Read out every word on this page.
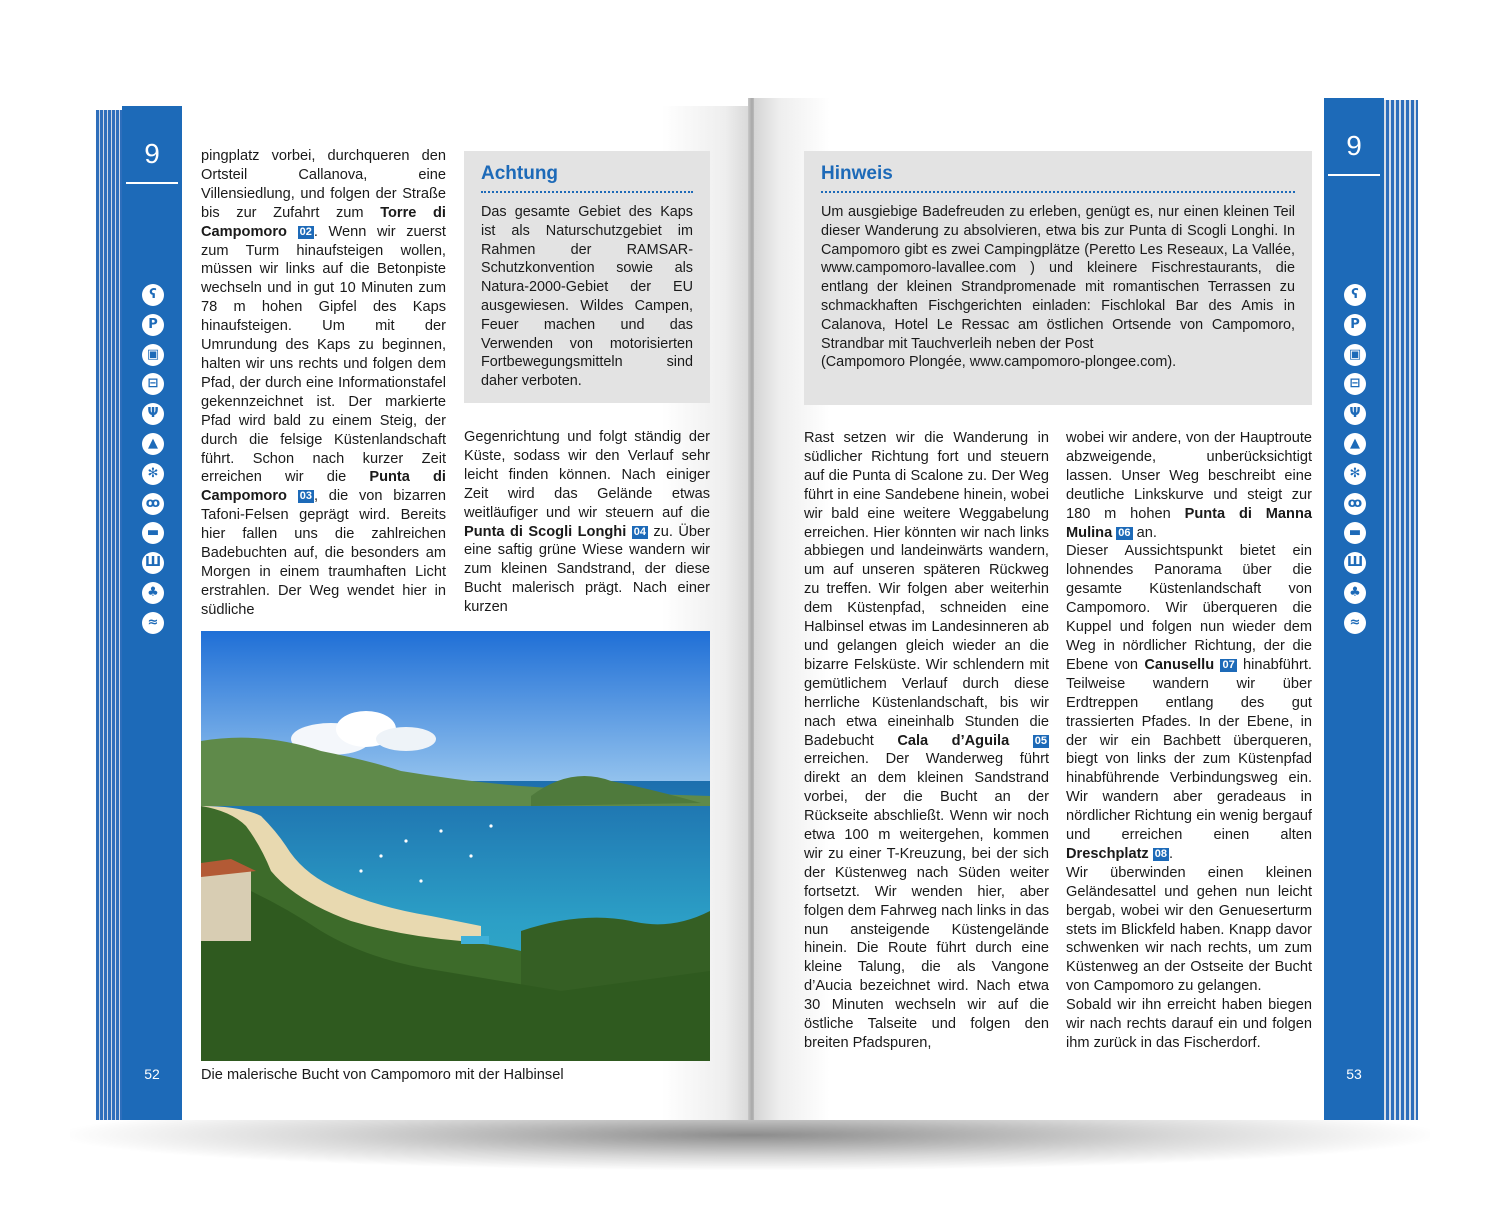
9
ʕ
P
▣
⊟
Ψ
▲
✻
ꝏ
▬
Ш
♣
≈
52
pingplatz vorbei, durchqueren den Ortsteil Callanova, eine Villensiedlung, und folgen der Straße bis zur Zufahrt zum Torre di Campomoro 02 . Wenn wir zuerst zum Turm hinaufsteigen wollen, müssen wir links auf die Betonpiste wechseln und in gut 10 Minuten zum 78 m hohen Gipfel des Kaps hinaufsteigen. Um mit der Umrundung des Kaps zu beginnen, halten wir uns rechts und folgen dem Pfad, der durch eine Informationstafel gekennzeichnet ist. Der markierte Pfad wird bald zu einem Steig, der durch die felsige Küstenlandschaft führt. Schon nach kurzer Zeit erreichen wir die Punta di Campomoro 03 , die von bizarren Tafoni-Felsen geprägt wird. Bereits hier fallen uns die zahlreichen Badebuchten auf, die besonders am Morgen in einem traumhaften Licht erstrahlen. Der Weg wendet hier in südliche
Achtung
Das gesamte Gebiet des Kaps ist als Naturschutzgebiet im Rahmen der RAMSAR-Schutzkonvention sowie als Natura-2000-Gebiet der EU ausgewiesen. Wildes Campen, Feuer machen und das Verwenden von motorisierten Fortbewegungsmitteln sind daher verboten.
Gegenrichtung und folgt ständig der Küste, sodass wir den Verlauf sehr leicht finden können. Nach einiger Zeit wird das Gelände etwas weitläufiger und wir steuern auf die Punta di Scogli Longhi 04 zu. Über eine saftig grüne Wiese wandern wir zum kleinen Sandstrand, der diese Bucht malerisch prägt. Nach einer kurzen
Die malerische Bucht von Campomoro mit der Halbinsel
9
ʕ
P
▣
⊟
Ψ
▲
✻
ꝏ
▬
Ш
♣
≈
53
Hinweis
Um ausgiebige Badefreuden zu erleben, genügt es, nur einen kleinen Teil dieser Wanderung zu absolvieren, etwa bis zur Punta di Scogli Longhi. In Campomoro gibt es zwei Campingplätze (Peretto Les Reseaux, La Vallée, www.campomoro-lavallee.com ) und kleinere Fischrestaurants, die entlang der kleinen Strandpromenade mit romantischen Terrassen zu schmackhaften Fischgerichten einladen: Fischlokal Bar des Amis in Calanova, Hotel Le Ressac am östlichen Ortsende von Campomoro, Strandbar mit Tauchverleih neben der Post
(Campomoro Plongée, www.campomoro-plongee.com).
Rast setzen wir die Wanderung in südlicher Richtung fort und steuern auf die Punta di Scalone zu. Der Weg führt in eine Sandebene hinein, wobei wir bald eine weitere Weggabelung erreichen. Hier könnten wir nach links abbiegen und landeinwärts wandern, um auf unseren späteren Rückweg zu treffen. Wir folgen aber weiterhin dem Küstenpfad, schneiden eine Halbinsel etwas im Landesinneren ab und gelangen gleich wieder an die bizarre Felsküste. Wir schlendern mit gemütlichem Verlauf durch diese herrliche Küstenlandschaft, bis wir nach etwa eineinhalb Stunden die Badebucht Cala d’Aguila 05 erreichen. Der Wanderweg führt direkt an dem kleinen Sandstrand vorbei, der die Bucht an der Rückseite abschließt. Wenn wir noch etwa 100 m weitergehen, kommen wir zu einer T-Kreuzung, bei der sich der Küstenweg nach Süden weiter fortsetzt. Wir wenden hier, aber folgen dem Fahrweg nach links in das nun ansteigende Küstengelände hinein. Die Route führt durch eine kleine Talung, die als Vangone d’Aucia bezeichnet wird. Nach etwa 30 Minuten wechseln wir auf die östliche Talseite und folgen den breiten Pfadspuren,
wobei wir andere, von der Hauptroute abzweigende, unberücksichtigt lassen. Unser Weg beschreibt eine deutliche Linkskurve und steigt zur 180 m hohen Punta di Manna Mulina 06 an.
Dieser Aussichtspunkt bietet ein lohnendes Panorama über die gesamte Küstenlandschaft von Campomoro. Wir überqueren die Kuppel und folgen nun wieder dem Weg in nördlicher Richtung, der die Ebene von Canusellu 07 hinabführt. Teilweise wandern wir über Erdtreppen entlang des gut trassierten Pfades. In der Ebene, in der wir ein Bachbett überqueren, biegt von links der zum Küstenpfad hinabführende Verbindungsweg ein. Wir wandern aber geradeaus in nördlicher Richtung ein wenig bergauf und erreichen einen alten Dreschplatz 08 .
Wir überwinden einen kleinen Geländesattel und gehen nun leicht bergab, wobei wir den Genueserturm stets im Blickfeld haben. Knapp davor schwenken wir nach rechts, um zum Küstenweg an der Ostseite der Bucht von Campomoro zu gelangen.
Sobald wir ihn erreicht haben biegen wir nach rechts darauf ein und folgen ihm zurück in das Fischerdorf.
